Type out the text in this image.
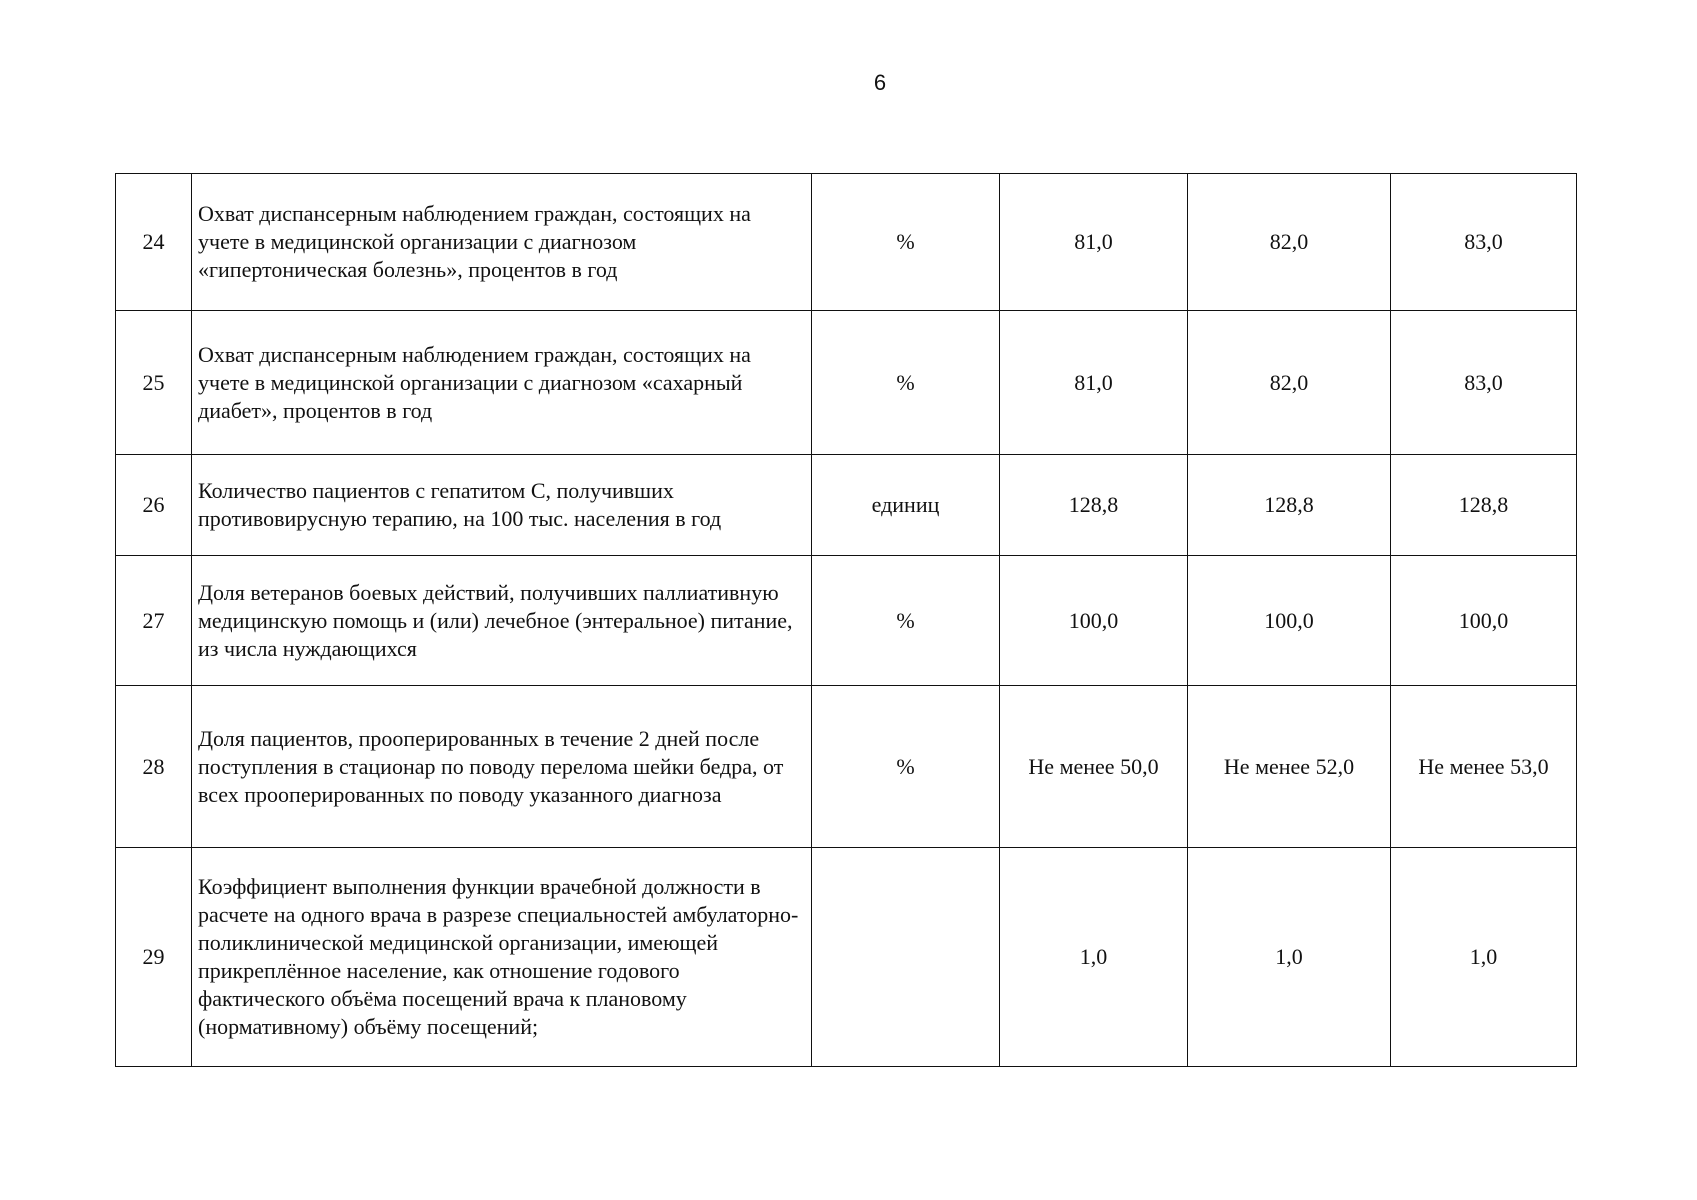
6
24	Охват диспансерным наблюдением граждан, состоящих на учете в медицинской организации с диагнозом «гипертоническая болезнь», процентов в год	%	81,0	82,0	83,0
25	Охват диспансерным наблюдением граждан, состоящих на учете в медицинской организации с диагнозом «сахарный диабет», процентов в год	%	81,0	82,0	83,0
26	Количество пациентов с гепатитом С, получивших противовирусную терапию, на 100 тыс. населения в год	единиц	128,8	128,8	128,8
27	Доля ветеранов боевых действий, получивших паллиативную медицинскую помощь и (или) лечебное (энтеральное) питание, из числа нуждающихся	%	100,0	100,0	100,0
28	Доля пациентов, прооперированных в течение 2 дней после поступления в стационар по поводу перелома шейки бедра, от всех прооперированных по поводу указанного диагноза	%	Не менее 50,0	Не менее 52,0	Не менее 53,0
29	Коэффициент выполнения функции врачебной должности в расчете на одного врача в разрезе специальностей амбулаторно-поликлинической медицинской организации, имеющей прикреплённое население, как отношение годового фактического объёма посещений врача к плановому (нормативному) объёму посещений;		1,0	1,0	1,0
